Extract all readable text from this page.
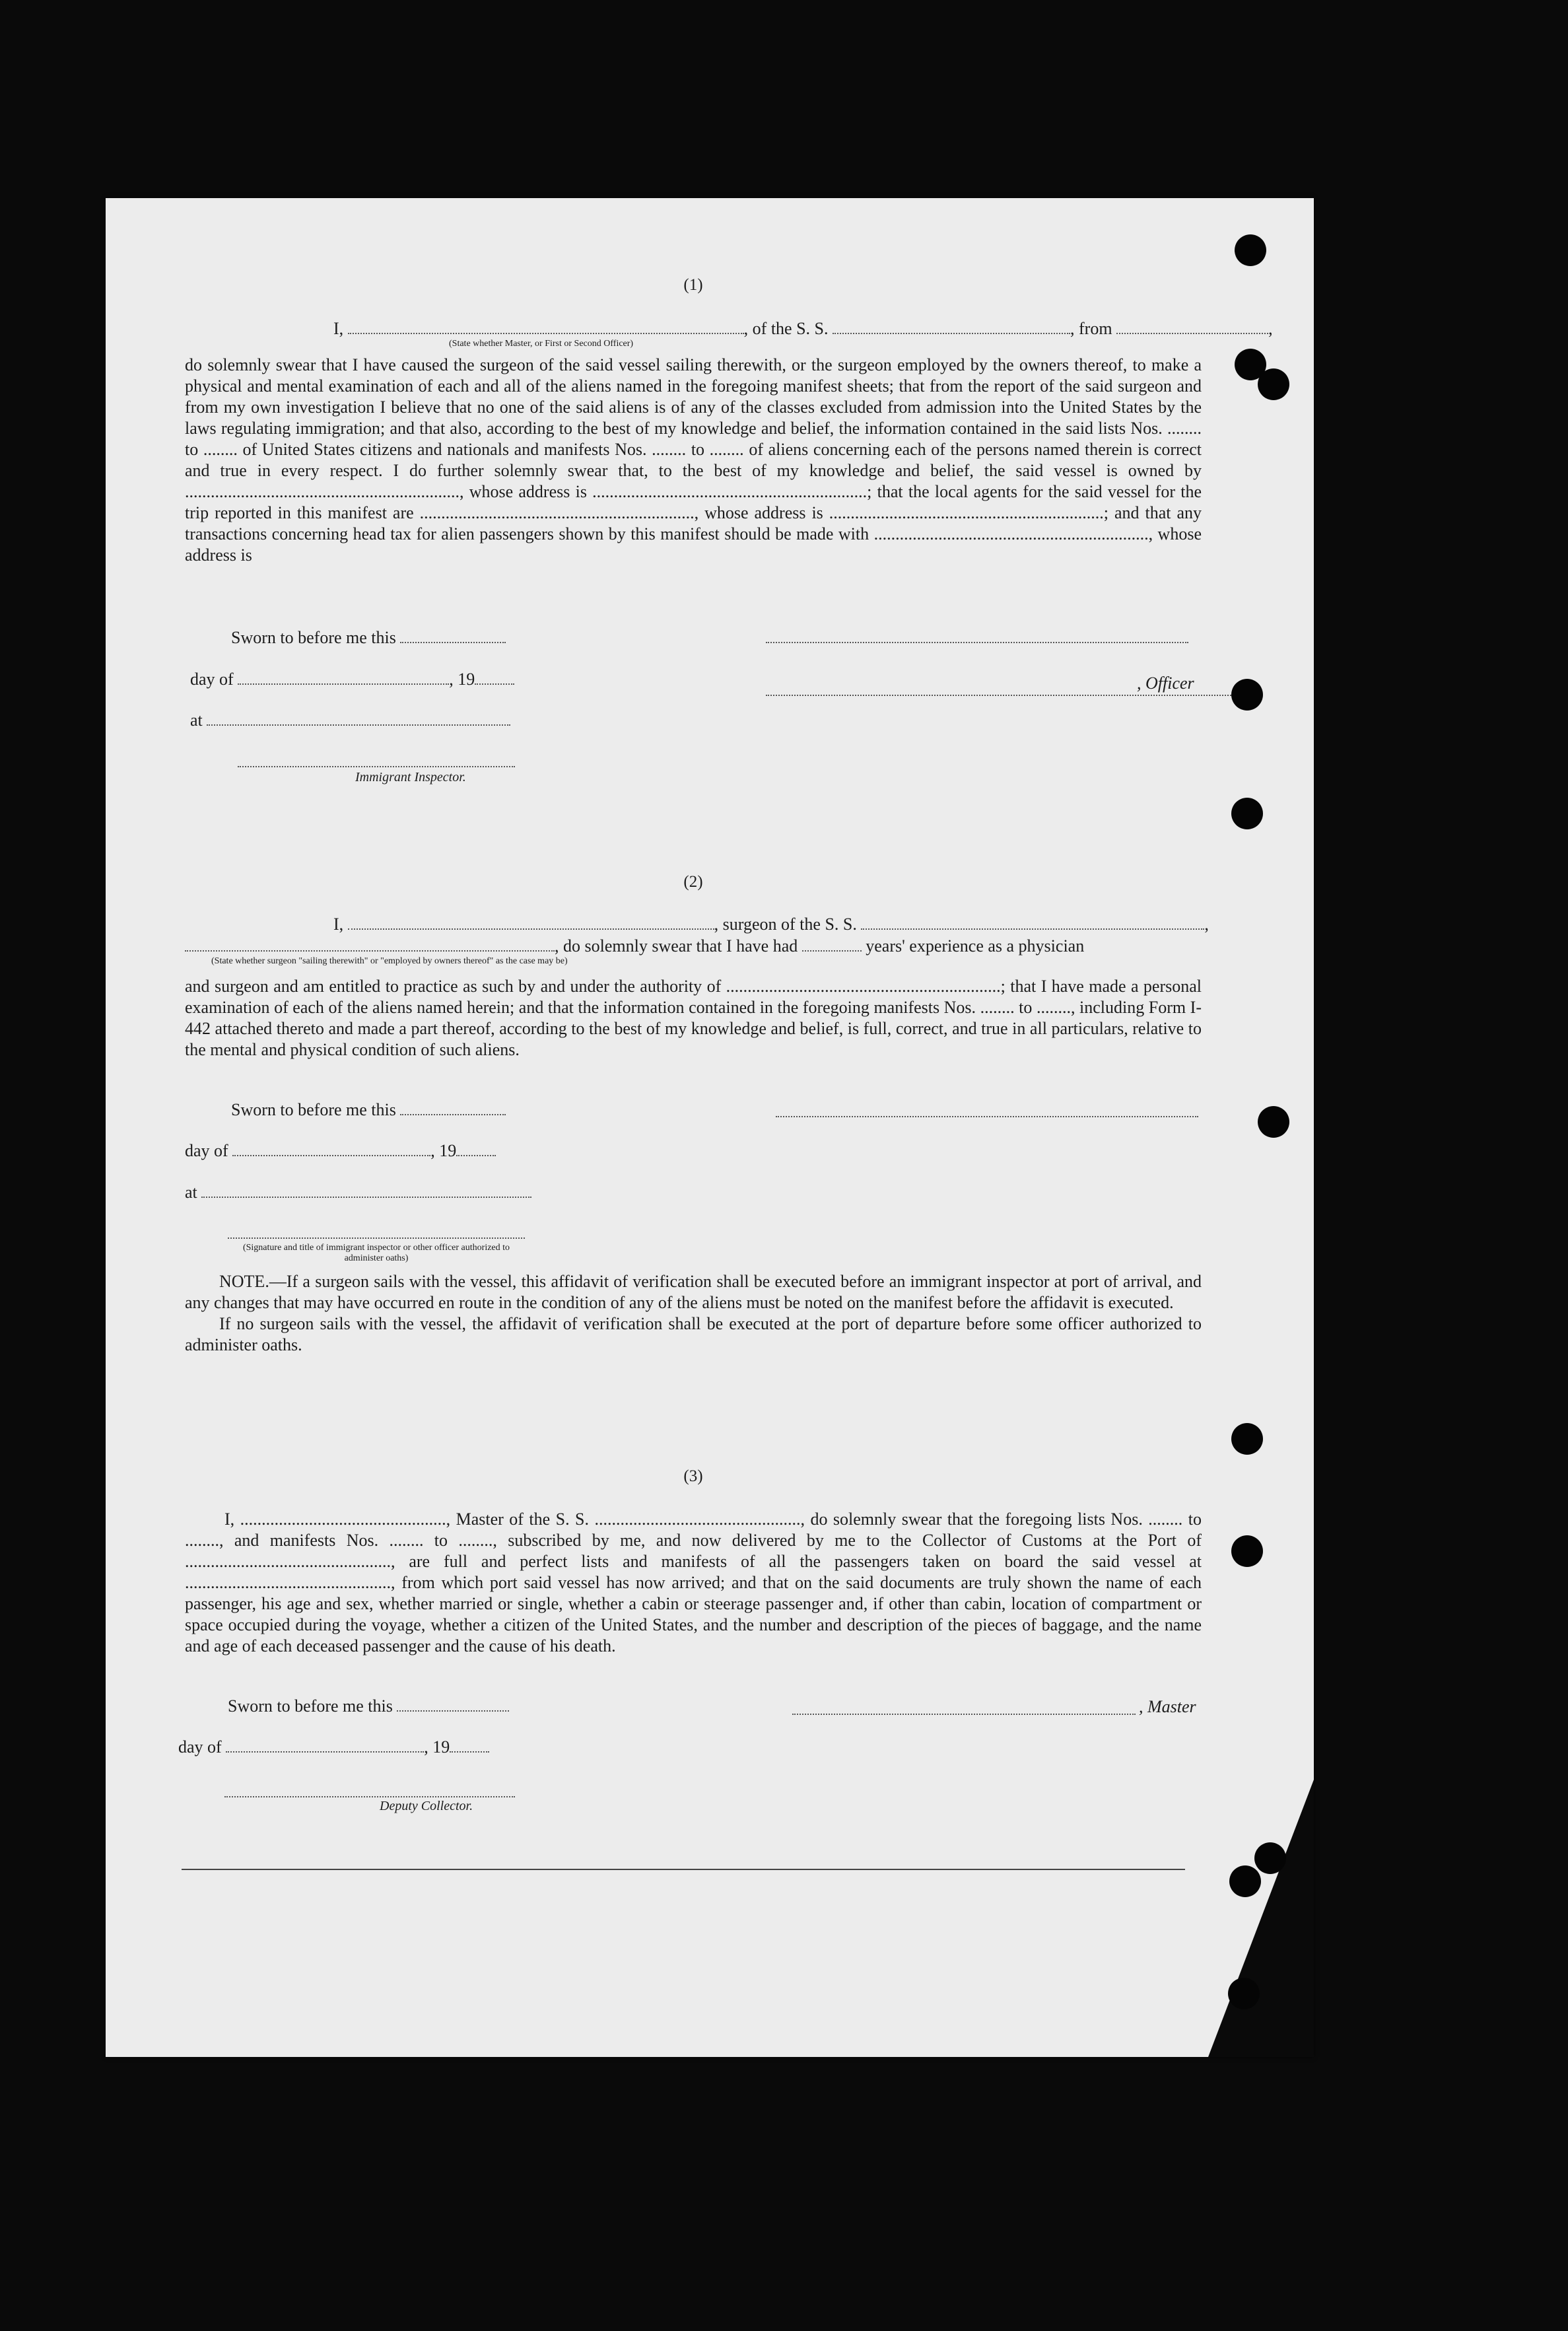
(1)
I,	, of the S. S.	, from	,
(State whether Master, or First or Second Officer)

do solemnly swear that I have caused the surgeon of the said vessel sailing therewith, or the surgeon employed by the owners thereof, to make a physical and mental examination of each and all of the aliens named in the foregoing manifest sheets; that from the report of the said surgeon and from my own investigation I believe that no one of the said aliens is of any of the classes excluded from admission into the United States by the laws regulating immigration; and that also, according to the best of my knowledge and belief, the information contained in the said lists Nos. ........ to ........ of United States citizens and nationals and manifests Nos. ........ to ........ of aliens concerning each of the persons named therein is correct and true in every respect. I do further solemnly swear that, to the best of my knowledge and belief, the said vessel is owned by ................................................................, whose address is ................................................................; that the local agents for the said vessel for the trip reported in this manifest are ................................................................, whose address is ................................................................; and that any transactions concerning head tax for alien passengers shown by this manifest should be made with ................................................................, whose address is

Sworn to before me this
day of	, 19	, Officer
at
Immigrant Inspector.
(2)
I,	, surgeon of the S. S.	,
, do solemnly swear that I have had	years' experience as a physician
(State whether surgeon "sailing therewith" or "employed by owners thereof" as the case may be)

and surgeon and am entitled to practice as such by and under the authority of ................................................................; that I have made a personal examination of each of the aliens named herein; and that the information contained in the foregoing manifests Nos. ........ to ........, including Form I-442 attached thereto and made a part thereof, according to the best of my knowledge and belief, is full, correct, and true in all particulars, relative to the mental and physical condition of such aliens.

Sworn to before me this
day of	, 19
at
(Signature and title of immigrant inspector or other officer authorized to administer oaths)

NOTE.—If a surgeon sails with the vessel, this affidavit of verification shall be executed before an immigrant inspector at port of arrival, and any changes that may have occurred en route in the condition of any of the aliens must be noted on the manifest before the affidavit is executed.

If no surgeon sails with the vessel, the affidavit of verification shall be executed at the port of departure before some officer authorized to administer oaths.

(3)

I, ................................................, Master of the S. S. ................................................, do solemnly swear that the foregoing lists Nos. ........ to ........, and manifests Nos. ........ to ........, subscribed by me, and now delivered by me to the Collector of Customs at the Port of ................................................, are full and perfect lists and manifests of all the passengers taken on board the said vessel at ................................................, from which port said vessel has now arrived; and that on the said documents are truly shown the name of each passenger, his age and sex, whether married or single, whether a cabin or steerage passenger and, if other than cabin, location of compartment or space occupied during the voyage, whether a citizen of the United States, and the number and description of the pieces of baggage, and the name and age of each deceased passenger and the cause of his death.

Sworn to before me this	, Master
day of	, 19
Deputy Collector.
